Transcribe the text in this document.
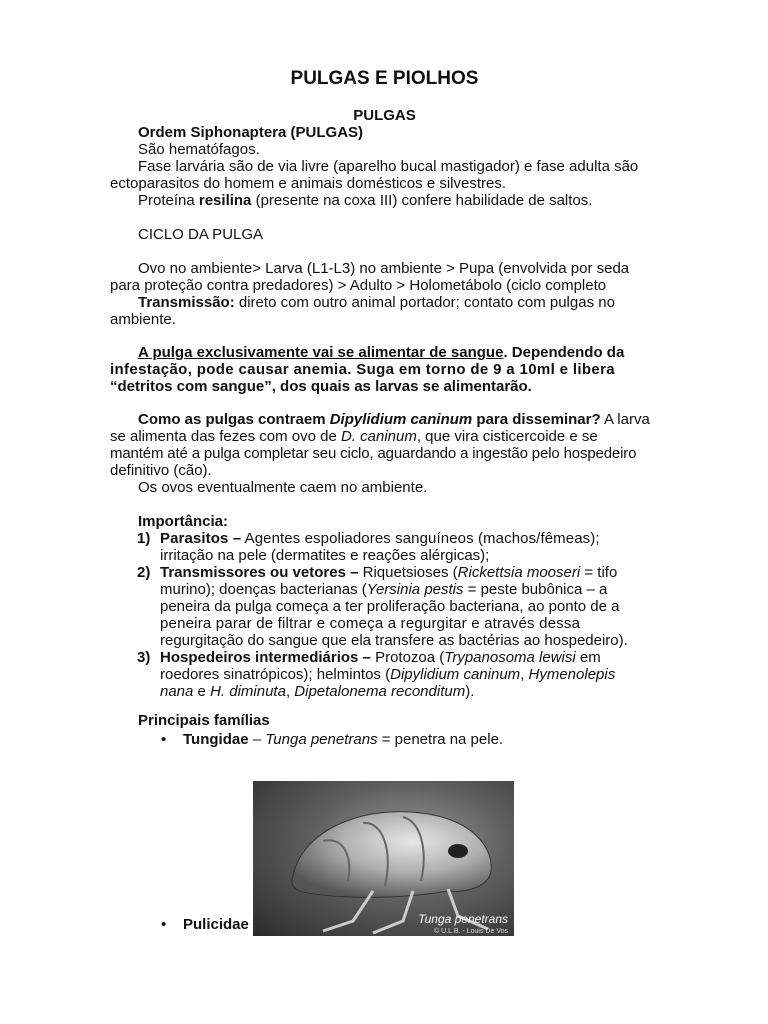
PULGAS E PIOLHOS
PULGAS
Ordem Siphonaptera (PULGAS)
São hematófagos.
Fase larvária são de via livre (aparelho bucal mastigador) e fase adulta são
ectoparasitos do homem e animais domésticos e silvestres.
Proteína resilina (presente na coxa III) confere habilidade de saltos.
CICLO DA PULGA
Ovo no ambiente> Larva (L1-L3) no ambiente > Pupa (envolvida por seda
para proteção contra predadores) > Adulto > Holometábolo (ciclo completo
Transmissão: direto com outro animal portador; contato com pulgas no
ambiente.
A pulga exclusivamente vai se alimentar de sangue. Dependendo da
infestação, pode causar anemia. Suga em torno de 9 a 10ml e libera
“detritos com sangue”, dos quais as larvas se alimentarão.
Como as pulgas contraem Dipylidium caninum para disseminar? A larva
se alimenta das fezes com ovo de D. caninum, que vira cisticercoide e se
mantém até a pulga completar seu ciclo, aguardando a ingestão pelo hospedeiro
definitivo (cão).
Os ovos eventualmente caem no ambiente.
Importância:
1) Parasitos – Agentes espoliadores sanguíneos (machos/fêmeas);
irritação na pele (dermatites e reações alérgicas);
2) Transmissores ou vetores – Riquetsioses (Rickettsia mooseri = tifo
murino); doenças bacterianas (Yersinia pestis = peste bubônica – a
peneira da pulga começa a ter proliferação bacteriana, ao ponto de a
peneira parar de filtrar e começa a regurgitar e através dessa
regurgitação do sangue que ela transfere as bactérias ao hospedeiro).
3) Hospedeiros intermediários – Protozoa (Trypanosoma lewisi em
roedores sinatrópicos); helmintos (Dipylidium caninum, Hymenolepis
nana e H. diminuta, Dipetalonema reconditum).
Principais famílias
• Tungidae – Tunga penetrans = penetra na pele.
• Pulicidae	Tunga penetrans
© U.L.B. - Louis De Vos
